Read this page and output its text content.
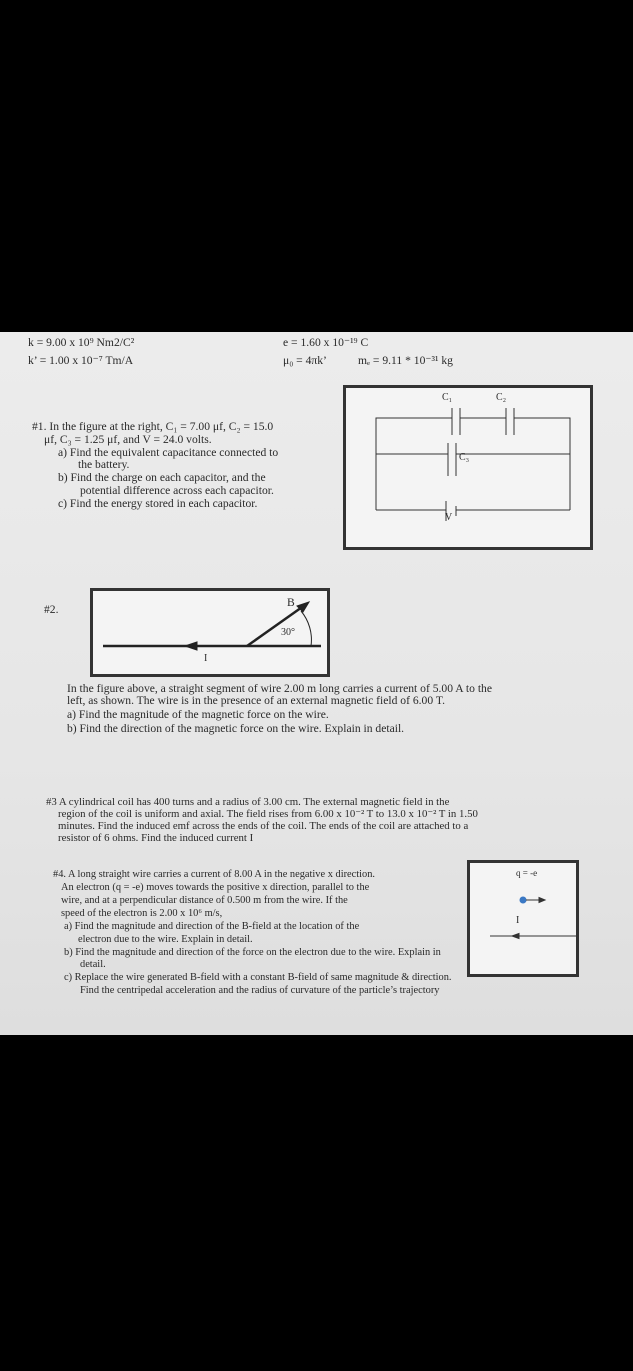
k = 9.00 x 10⁹ Nm2/C²
k’ = 1.00 x 10⁻⁷ Tm/A
e = 1.60 x 10⁻¹⁹ C
μ₀ = 4πk’	mₑ = 9.11 * 10⁻³¹ kg
#1. In the figure at the right, C₁ = 7.00 μf, C₂ = 15.0
μf, C₃ = 1.25 μf, and V = 24.0 volts.
a) Find the equivalent capacitance connected to
the battery.
b) Find the charge on each capacitor, and the
potential difference across each capacitor.
c) Find the energy stored in each capacitor.
C₁	C₂
C₃
V
#2.
B
30°
I
In the figure above, a straight segment of wire 2.00 m long carries a current of 5.00 A to the
left, as shown. The wire is in the presence of an external magnetic field of 6.00 T.
a) Find the magnitude of the magnetic force on the wire.
b) Find the direction of the magnetic force on the wire. Explain in detail.
#3 A cylindrical coil has 400 turns and a radius of 3.00 cm. The external magnetic field in the
region of the coil is uniform and axial. The field rises from 6.00 x 10⁻² T to 13.0 x 10⁻² T in 1.50
minutes. Find the induced emf across the ends of the coil. The ends of the coil are attached to a
resistor of 6 ohms. Find the induced current I
#4. A long straight wire carries a current of 8.00 A in the negative x direction.
An electron (q = -e) moves towards the positive x direction, parallel to the
wire, and at a perpendicular distance of 0.500 m from the wire. If the
speed of the electron is 2.00 x 10⁶ m/s,
a) Find the magnitude and direction of the B-field at the location of the
electron due to the wire. Explain in detail.
b) Find the magnitude and direction of the force on the electron due to the wire. Explain in
detail.
c) Replace the wire generated B-field with a constant B-field of same magnitude & direction.
Find the centripedal acceleration and the radius of curvature of the particle’s trajectory
q = -e
I
